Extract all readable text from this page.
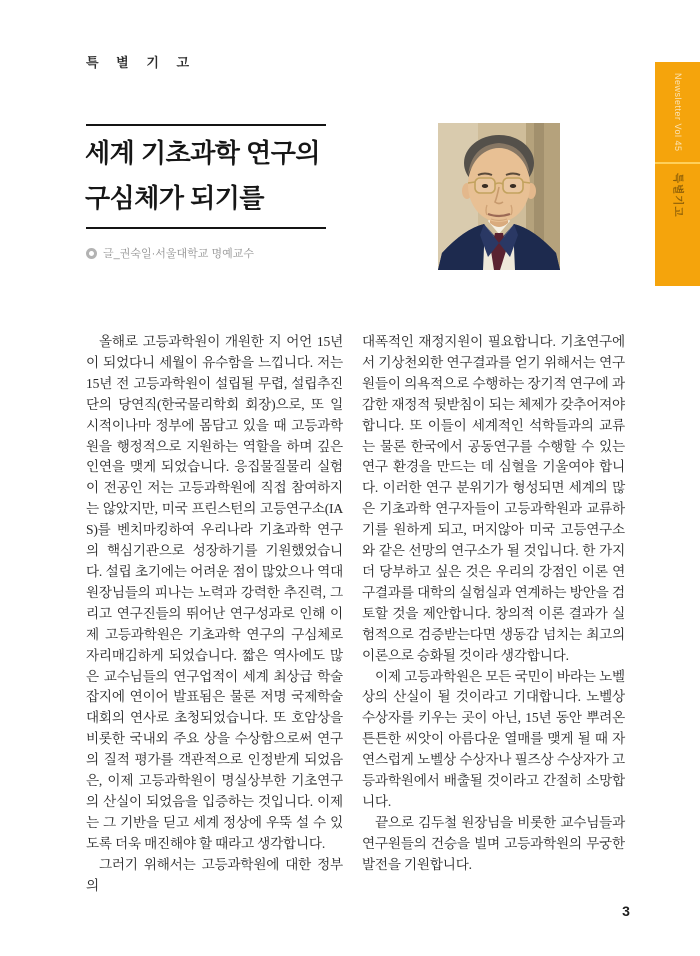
특 별 기 고
Newsletter Vol 45
특별기고
세계 기초과학 연구의
구심체가 되기를
글_권숙일·서울대학교 명예교수

올해로 고등과학원이 개원한 지 어언 15년이 되었다니 세월이 유수함을 느낍니다. 저는 15년 전 고등과학원이 설립될 무렵, 설립추진단의 당연직(한국물리학회 회장)으로, 또 일시적이나마 정부에 몸담고 있을 때 고등과학원을 행정적으로 지원하는 역할을 하며 깊은 인연을 맺게 되었습니다. 응집물질물리 실험이 전공인 저는 고등과학원에 직접 참여하지는 않았지만, 미국 프린스턴의 고등연구소(IAS)를 벤치마킹하여 우리나라 기초과학 연구의 핵심기관으로 성장하기를 기원했었습니다. 설립 초기에는 어려운 점이 많았으나 역대 원장님들의 피나는 노력과 강력한 추진력, 그리고 연구진들의 뛰어난 연구성과로 인해 이제 고등과학원은 기초과학 연구의 구심체로 자리매김하게 되었습니다. 짧은 역사에도 많은 교수님들의 연구업적이 세계 최상급 학술 잡지에 연이어 발표됨은 물론 저명 국제학술대회의 연사로 초청되었습니다. 또 호암상을 비롯한 국내외 주요 상을 수상함으로써 연구의 질적 평가를 객관적으로 인정받게 되었음은, 이제 고등과학원이 명실상부한 기초연구의 산실이 되었음을 입증하는 것입니다. 이제는 그 기반을 딛고 세계 정상에 우뚝 설 수 있도록 더욱 매진해야 할 때라고 생각합니다.

그러기 위해서는 고등과학원에 대한 정부의

대폭적인 재정지원이 필요합니다. 기초연구에서 기상천외한 연구결과를 얻기 위해서는 연구원들이 의욕적으로 수행하는 장기적 연구에 과감한 재정적 뒷받침이 되는 체제가 갖추어져야 합니다. 또 이들이 세계적인 석학들과의 교류는 물론 한국에서 공동연구를 수행할 수 있는 연구 환경을 만드는 데 심혈을 기울여야 합니다. 이러한 연구 분위기가 형성되면 세계의 많은 기초과학 연구자들이 고등과학원과 교류하기를 원하게 되고, 머지않아 미국 고등연구소와 같은 선망의 연구소가 될 것입니다. 한 가지 더 당부하고 싶은 것은 우리의 강점인 이론 연구결과를 대학의 실험실과 연계하는 방안을 검토할 것을 제안합니다. 창의적 이론 결과가 실험적으로 검증받는다면 생동감 넘치는 최고의 이론으로 승화될 것이라 생각합니다.

이제 고등과학원은 모든 국민이 바라는 노벨상의 산실이 될 것이라고 기대합니다. 노벨상 수상자를 키우는 곳이 아닌, 15년 동안 뿌려온 튼튼한 씨앗이 아름다운 열매를 맺게 될 때 자연스럽게 노벨상 수상자나 필즈상 수상자가 고등과학원에서 배출될 것이라고 간절히 소망합니다.

끝으로 김두철 원장님을 비롯한 교수님들과 연구원들의 건승을 빌며 고등과학원의 무궁한 발전을 기원합니다.

3
